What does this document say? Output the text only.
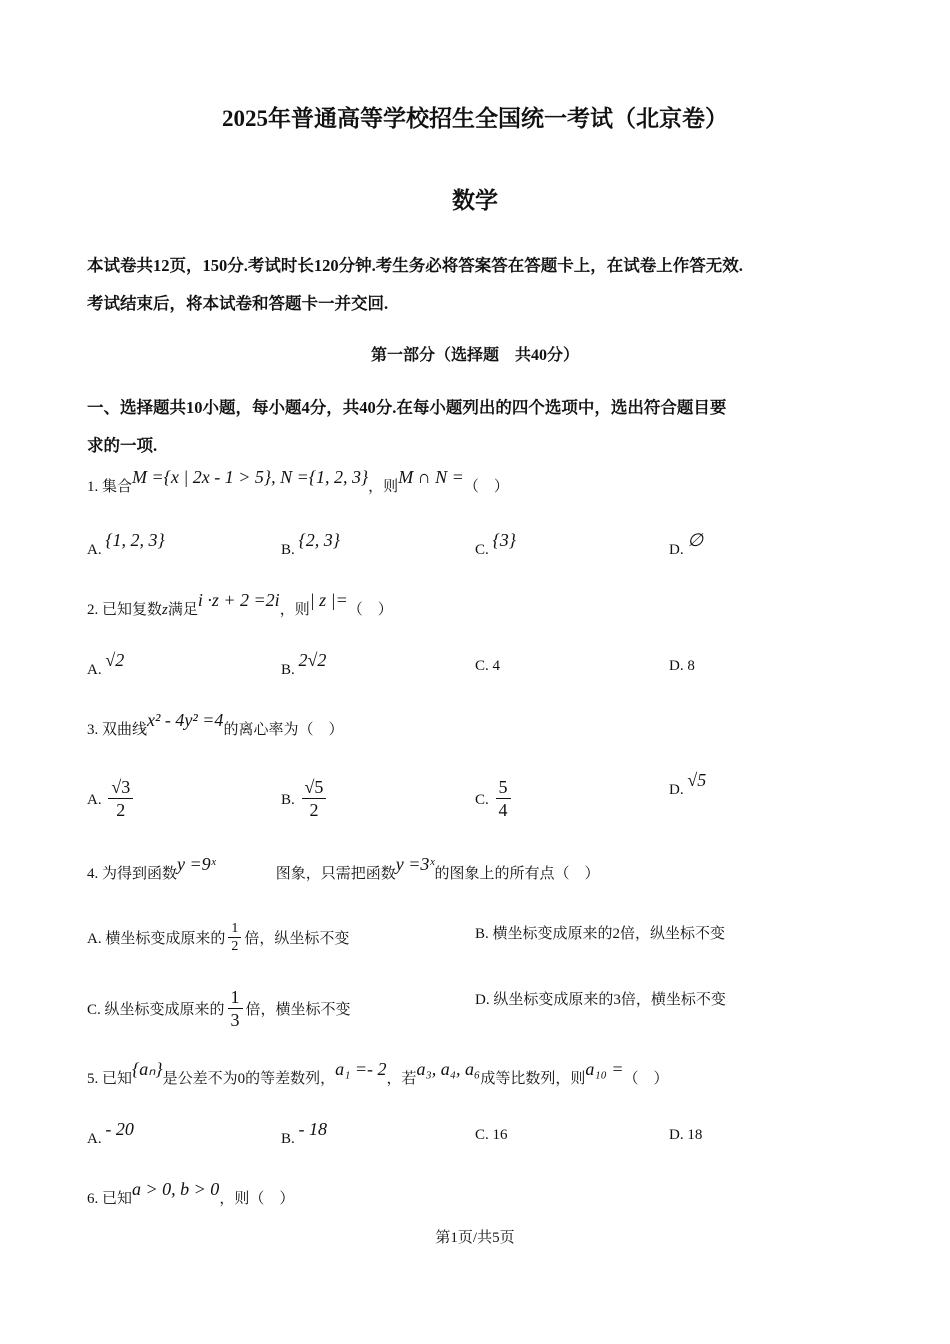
2025年普通高等学校招生全国统一考试（北京卷）
数学
本试卷共12页，150分.考试时长120分钟.考生务必将答案答在答题卡上，在试卷上作答无效.
考试结束后，将本试卷和答题卡一并交回.
第一部分（选择题　共40分）
一、选择题共10小题，每小题4分，共40分.在每小题列出的四个选项中，选出符合题目要
求的一项.
1. 集合M ={x | 2x - 1 > 5}, N ={1, 2, 3}，则M ∩ N =（　）
A. {1, 2, 3}	B. {2, 3}	C. {3}	D. ∅
2. 已知复数z满足i ·z + 2 =2i，则| z |=（　）
A. √2	B. 2√2	C. 4	D. 8
3. 双曲线x² - 4y² =4的离心率为（　）
A. $\frac{√3}{2}$	B. $\frac{√5}{2}$	C. $\frac{5}{4}$	D. √5
4. 为得到函数y =9ˣ　　　　图象，只需把函数y =3ˣ的图象上的所有点（　）
A. 横坐标变成原来的 $\frac{1}{2}$ 倍，纵坐标不变	B. 横坐标变成原来的2倍，纵坐标不变
C. 纵坐标变成原来的 $\frac{1}{3}$ 倍，横坐标不变
D. 纵坐标变成原来的3倍，横坐标不变
5. 已知{aₙ}是公差不为0的等差数列，a₁ =- 2，若a₃, a₄, a₆成等比数列，则a₁₀ =（　）
A. - 20	B. - 18	C. 16	D. 18
6. 已知a > 0, b > 0，则（　）
第1页/共5页
